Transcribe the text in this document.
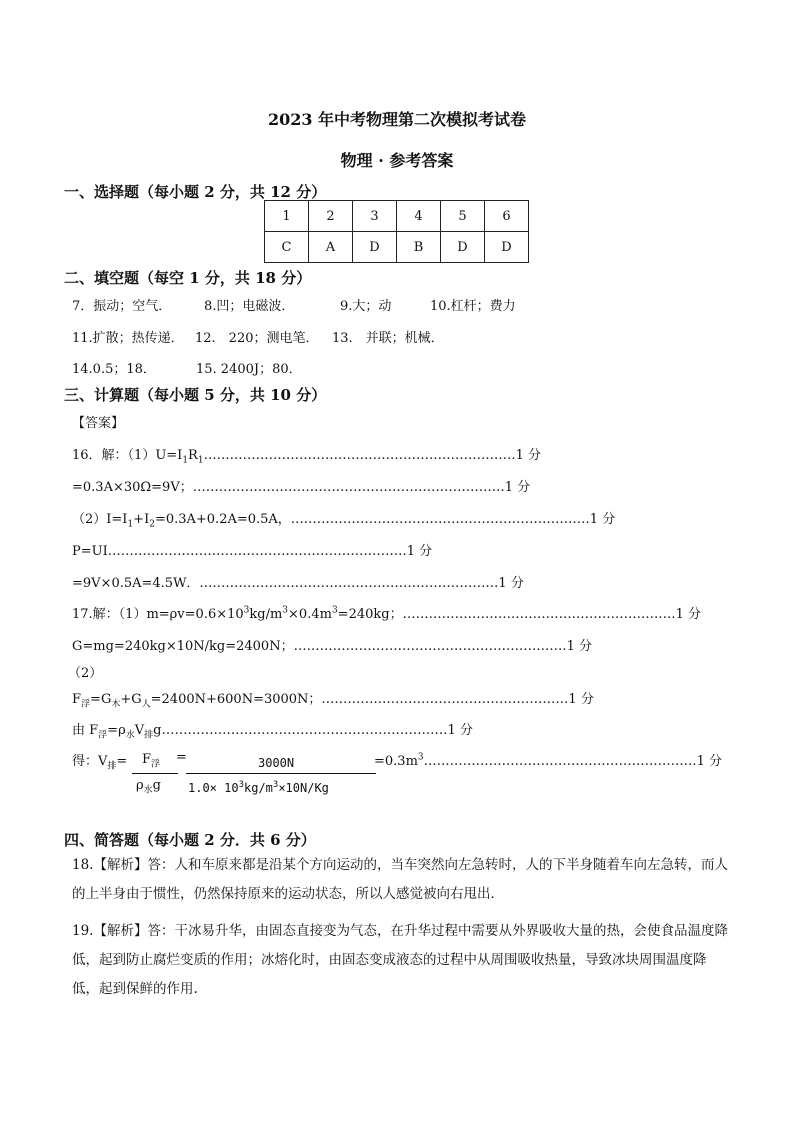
2023 年中考物理第二次模拟考试卷
物理 · 参考答案
一、选择题（每小题 2 分，共 12 分）
1	2	3	4	5	6
C	A	D	B	D	D
二、填空题（每空 1 分，共 18 分）
7．振动；空气．	8.凹；电磁波．	9.大；动	10.杠杆；费力
11.扩散；热传递． 12.　220；测电笔． 13.　并联；机械．
14.0.5；18．	15. 2400J；80．
三、计算题（每小题 5 分，共 10 分）
【答案】
16．解：$(1)U=I_1R_1\dots\dots\dots\dots\dots\dots\dots\dots\dots\dots\dots\dots\dots\dots\dots\dots\dots\dots\dots\dots\dots\dots\dots\dots 1$ 分
=0.3A×30Ω=9V；………………………………………………………………1 分
$(2)I=I_1+I_2=0.3A+0.2A=0.5A$，……………………………………………………………1 分
P=UI……………………………………………………………1 分
=9V×0.5A=4.5W．……………………………………………………………1 分
17.解：$(1)m=\rho v=0.6\times 10^3kg/m^3\times 0.4m^3=240kg$；………………………………………………………1 分
G=mg=240kg×10N/kg=2400N；………………………………………………………1 分
（2）
$F_浮=G_木+G_人=2400N+600N=3000N$；…………………………………………………1 分
由 $F_浮=\rho_水V_排g\dots\dots\dots\dots\dots\dots\dots\dots\dots\dots\dots\dots\dots\dots\dots\dots\dots\dots\dots\dots\dots\dots 1$ 分
得：$V_排= F_浮$
$\rho_水g$
=	3000N
$1.0\times 10^3kg/m^3\times 10N/Kg$
$=0.3m^3\dots\dots\dots\dots\dots\dots\dots\dots\dots\dots\dots\dots\dots\dots\dots\dots\dots\dots\dots\dots\dots 1$ 分
四、简答题（每小题 2 分．共 6 分）
18.【解析】答：人和车原来都是沿某个方向运动的，当车突然向左急转时，人的下半身随着车向左急转，而人的上半身由于惯性，仍然保持原来的运动状态，所以人感觉被向右甩出．
19.【解析】答：干冰易升华，由固态直接变为气态，在升华过程中需要从外界吸收大量的热，会使食品温度降低，起到防止腐烂变质的作用；冰熔化时，由固态变成液态的过程中从周围吸收热量，导致冰块周围温度降低，起到保鲜的作用.
